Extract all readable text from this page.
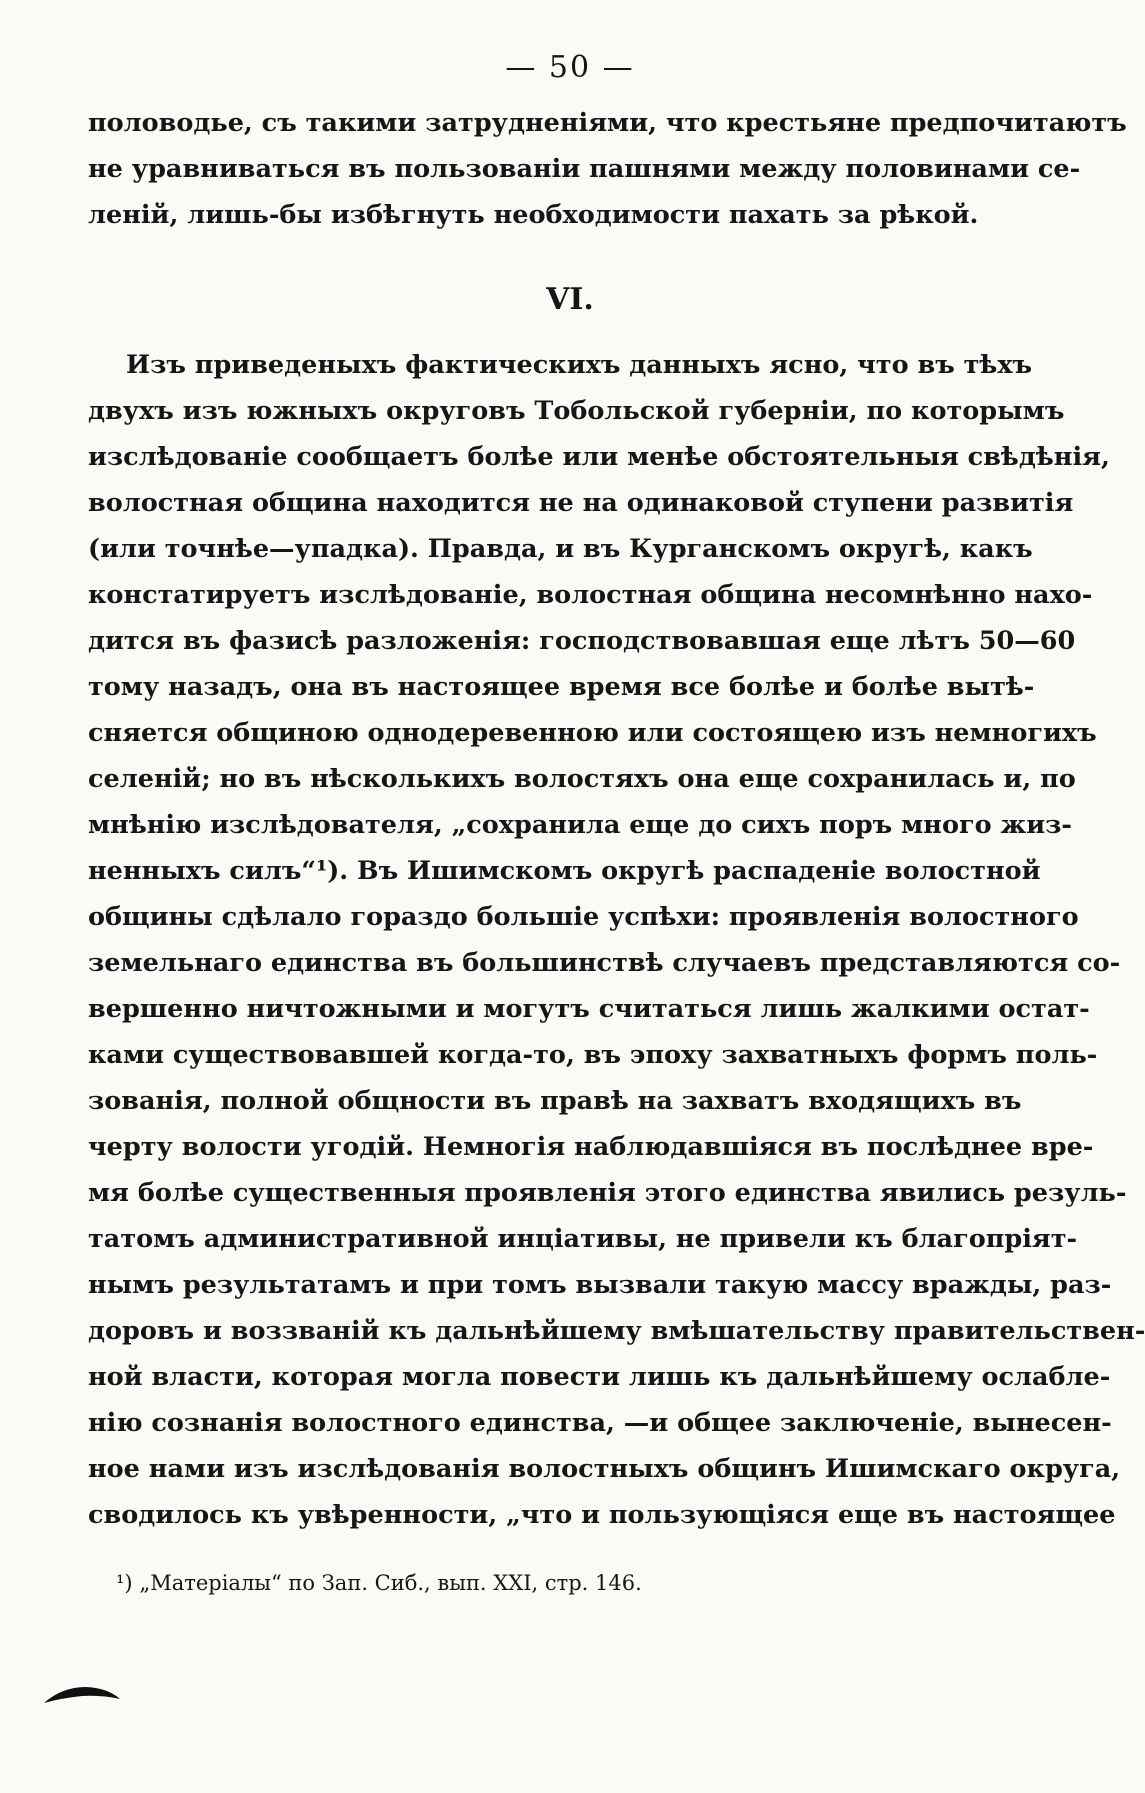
— 50 —
половодье, съ такими затрудненіями, что крестьяне предпочитаютъ
не уравниваться въ пользованіи пашнями между половинами се-
леній, лишь-бы избѣгнуть необходимости пахать за рѣкой.
VI.
Изъ приведеныхъ фактическихъ данныхъ ясно, что въ тѣхъ
двухъ изъ южныхъ округовъ Тобольской губерніи, по которымъ
изслѣдованіе сообщаетъ болѣе или менѣе обстоятельныя свѣдѣнія,
волостная община находится не на одинаковой ступени развитія
(или точнѣе—упадка). Правда, и въ Курганскомъ округѣ, какъ
констатируетъ изслѣдованіе, волостная община несомнѣнно нахо-
дится въ фазисѣ разложенія: господствовавшая еще лѣтъ 50—60
тому назадъ, она въ настоящее время все болѣе и болѣе вытѣ-
сняется общиною однодеревенною или состоящею изъ немногихъ
селеній; но въ нѣсколькихъ волостяхъ она еще сохранилась и, по
мнѣнію изслѣдователя, „сохранила еще до сихъ поръ много жиз-
ненныхъ силъ“¹). Въ Ишимскомъ округѣ распаденіе волостной
общины сдѣлало гораздо большіе успѣхи: проявленія волостного
земельнаго единства въ большинствѣ случаевъ представляются со-
вершенно ничтожными и могутъ считаться лишь жалкими остат-
ками существовавшей когда-то, въ эпоху захватныхъ формъ поль-
зованія, полной общности въ правѣ на захватъ входящихъ въ
черту волости угодій. Немногія наблюдавшіяся въ послѣднее вре-
мя болѣе существенныя проявленія этого единства явились резуль-
татомъ административной инціативы, не привели къ благопріят-
нымъ результатамъ и при томъ вызвали такую массу вражды, раз-
доровъ и воззваній къ дальнѣйшему вмѣшательству правительствен-
ной власти, которая могла повести лишь къ дальнѣйшему ослабле-
нію сознанія волостного единства, —и общее заключеніе, вынесен-
ное нами изъ изслѣдованія волостныхъ общинъ Ишимскаго округа,
сводилось къ увѣренности, „что и пользующіяся еще въ настоящее
¹) „Матеріалы“ по Зап. Сиб., вып. XXI, стр. 146.
